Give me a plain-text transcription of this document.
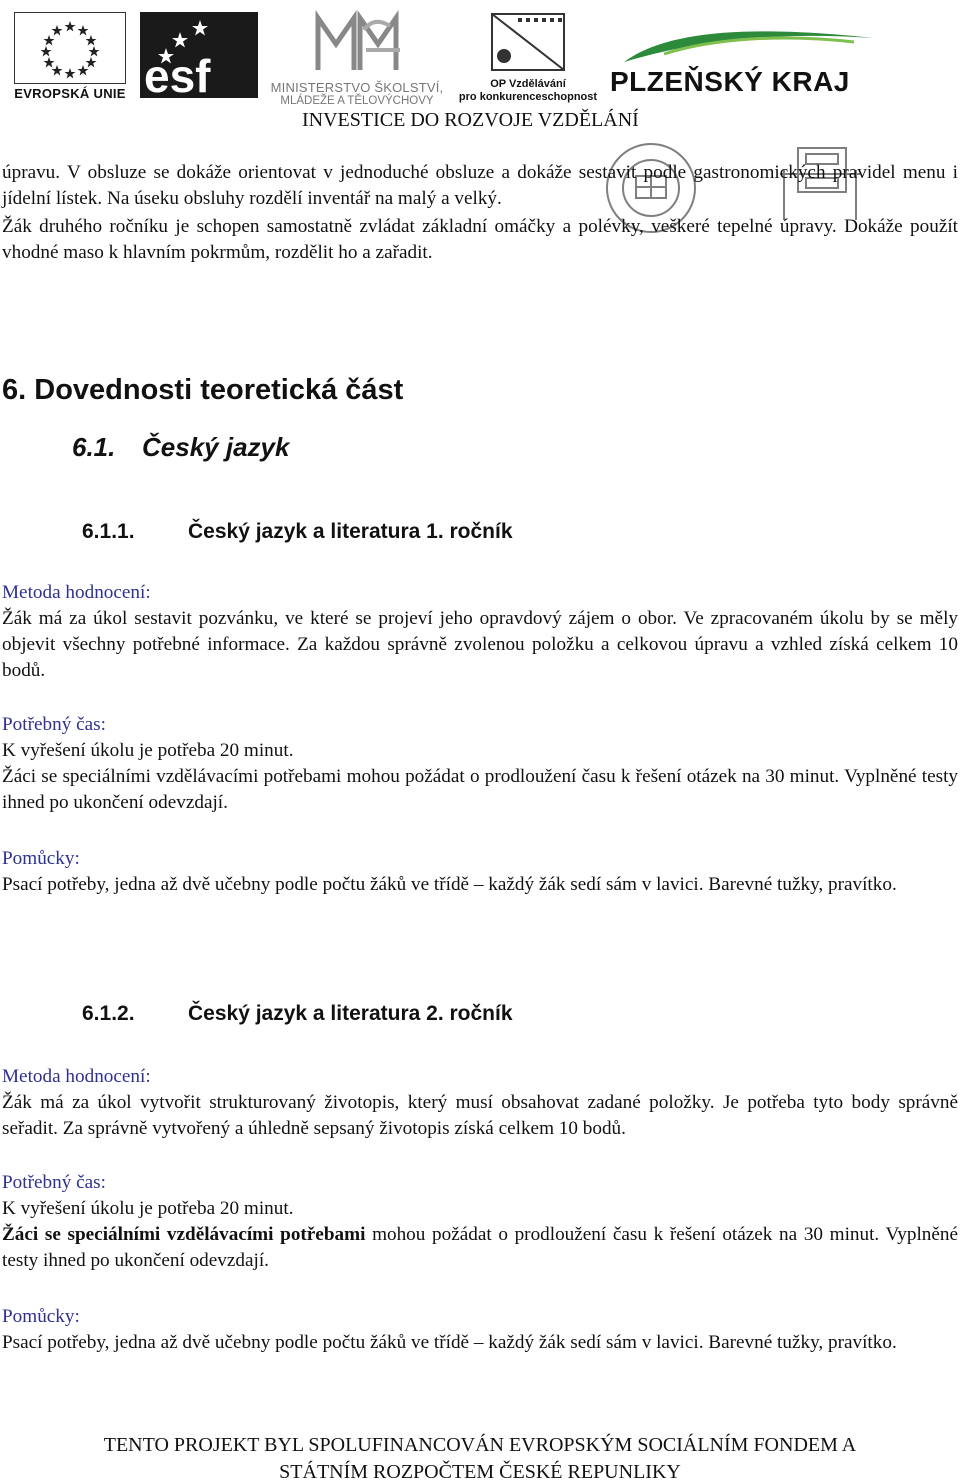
EVROPSKÁ UNIE esf	MINISTERSTVO ŠKOLSTVÍ,
MLÁDEŽE A TĚLOVÝCHOVY
OP Vzdělávání
pro konkurenceschopnost PLZEŇSKÝ KRAJ
INVESTICE DO ROZVOJE VZDĚLÁNÍ
úpravu. V obsluze se dokáže orientovat v jednoduché obsluze a dokáže sestavit podle gastronomických pravidel menu i jídelní lístek. Na úseku obsluhy rozdělí inventář na malý a velký.
Žák druhého ročníku je schopen samostatně zvládat základní omáčky a polévky, veškeré tepelné úpravy. Dokáže použít vhodné maso k hlavním pokrmům, rozdělit ho a zařadit.
6. Dovednosti teoretická část
6.1. Český jazyk
6.1.1.	Český jazyk a literatura 1. ročník
Metoda hodnocení:
Žák má za úkol sestavit pozvánku, ve které se projeví jeho opravdový zájem o obor. Ve zpracovaném úkolu by se měly objevit všechny potřebné informace. Za každou správně zvolenou položku a celkovou úpravu a vzhled získá celkem 10 bodů.
Potřebný čas:
K vyřešení úkolu je potřeba 20 minut.
Žáci se speciálními vzdělávacími potřebami mohou požádat o prodloužení času k řešení otázek na 30 minut. Vyplněné testy ihned po ukončení odevzdají.
Pomůcky:
Psací potřeby, jedna až dvě učebny podle počtu žáků ve třídě – každý žák sedí sám v lavici. Barevné tužky, pravítko.
6.1.2.	Český jazyk a literatura 2. ročník
Metoda hodnocení:
Žák má za úkol vytvořit strukturovaný životopis, který musí obsahovat zadané položky. Je potřeba tyto body správně seřadit. Za správně vytvořený a úhledně sepsaný životopis získá celkem 10 bodů.
Potřebný čas:
K vyřešení úkolu je potřeba 20 minut.
Žáci se speciálními vzdělávacími potřebami mohou požádat o prodloužení času k řešení otázek na 30 minut. Vyplněné testy ihned po ukončení odevzdají.
Pomůcky:
Psací potřeby, jedna až dvě učebny podle počtu žáků ve třídě – každý žák sedí sám v lavici. Barevné tužky, pravítko.
TENTO PROJEKT BYL SPOLUFINANCOVÁN EVROPSKÝM SOCIÁLNÍM FONDEM A
STÁTNÍM ROZPOČTEM ČESKÉ REPUNLIKY
